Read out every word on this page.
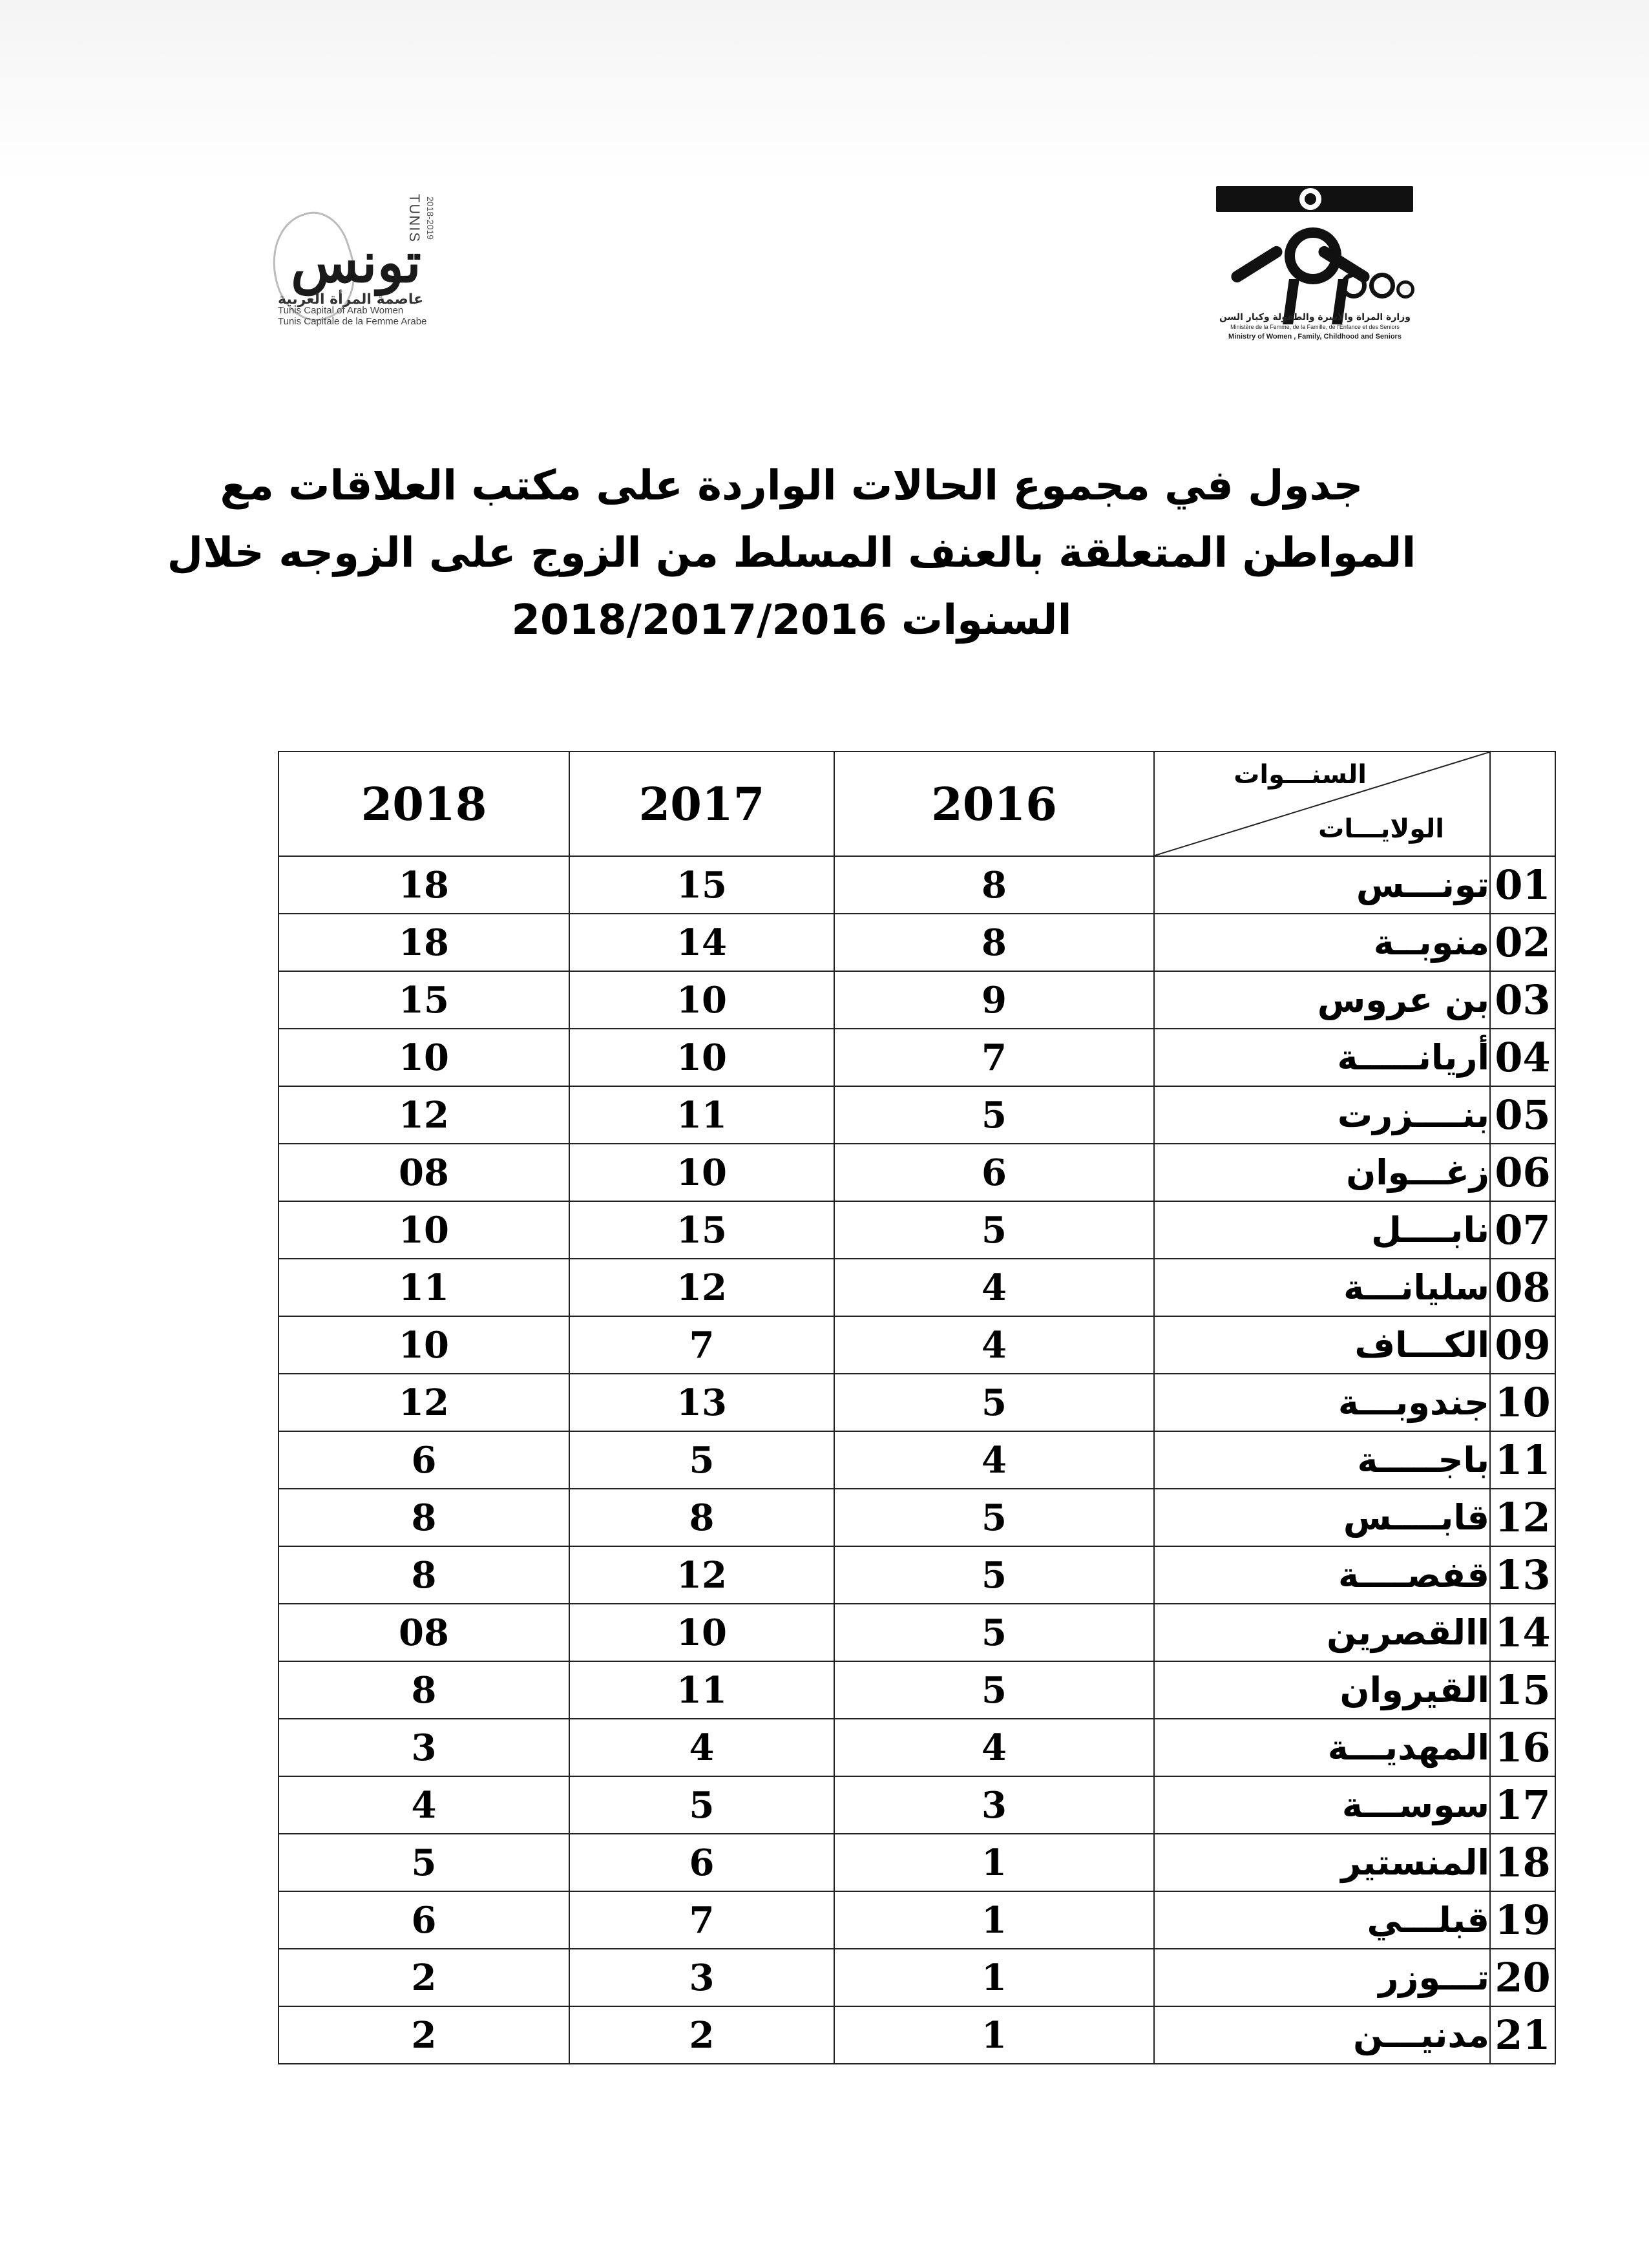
وزارة المرأة والأسرة والطفولة وكبار السن
Ministère de la Femme, de la Famille, de l'Enfance et des Seniors
Ministry of Women , Family, Childhood and Seniors
تونس
TUNIS 2018-2019
عاصمة المرأة العربية
Tunis Capital of Arab Women
Tunis Capitale de la Femme Arabe
جدول في مجموع الحالات الواردة على مكتب العلاقات مع
المواطن المتعلقة بالعنف المسلط من الزوج على الزوجه خلال
السنوات 2018/2017/2016
2018	2017	2016	السنـــوات
الولايـــات	

18	15	8	تونـــس	01
18	14	8	منوبــة	02
15	10	9	بن عروس	03
10	10	7	أريانـــــة	04
12	11	5	بنــــزرت	05
08	10	6	زغـــوان	06
10	15	5	نابــــل	07
11	12	4	سليانـــة	08
10	7	4	الكـــاف	09
12	13	5	جندوبـــة	10
6	5	4	باجـــــة	11
8	8	5	قابــــس	12
8	12	5	قفصــــة	13
08	10	5	االقصرين	14
8	11	5	القيروان	15
3	4	4	المهديـــة	16
4	5	3	سوســـة	17
5	6	1	المنستير	18
6	7	1	قبلـــي	19
2	3	1	تـــوزر	20
2	2	1	مدنيـــن	21
